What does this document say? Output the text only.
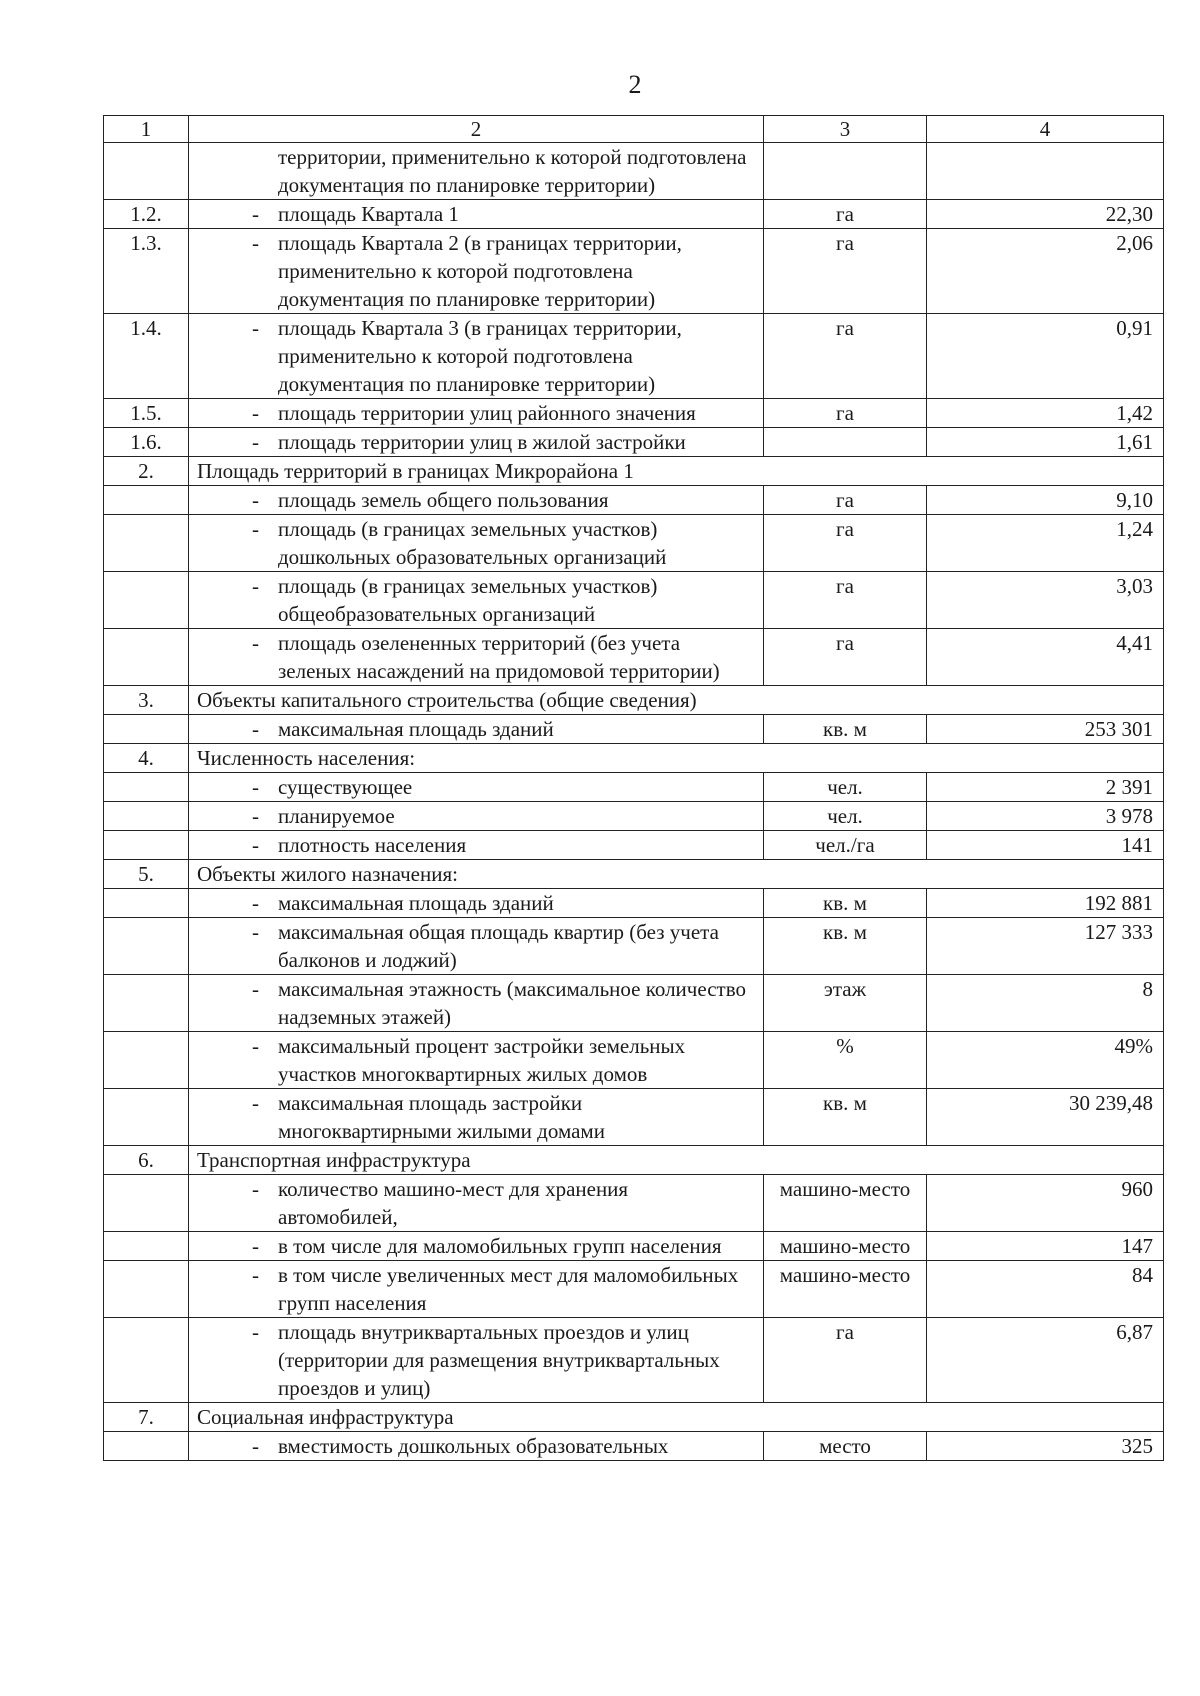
2
1	2	3	4

	территории, применительно к которой подготовлена документация по планировке территории)		

1.2.	- площадь Квартала 1	га	22,30
1.3.	- площадь Квартала 2 (в границах территории, применительно к которой подготовлена документация по планировке территории)	га	2,06
1.4.	- площадь Квартала 3 (в границах территории, применительно к которой подготовлена документация по планировке территории)	га	0,91
1.5.	- площадь территории улиц районного значения	га	1,42
1.6.	- площадь территории улиц в жилой застройки		1,61
2.	Площадь территорий в границах Микрорайона 1		

	- площадь земель общего пользования	га	9,10

	- площадь (в границах земельных участков) дошкольных образовательных организаций	га	1,24

	- площадь (в границах земельных участков) общеобразовательных организаций	га	3,03

	- площадь озелененных территорий (без учета зеленых насаждений на придомовой территории)	га	4,41
3.	Объекты капитального строительства (общие сведения)		

	- максимальная площадь зданий	кв. м	253 301
4.	Численность населения:		

	- существующее	чел.	2 391

	- планируемое	чел.	3 978

	- плотность населения	чел./га	141
5.	Объекты жилого назначения:		

	- максимальная площадь зданий	кв. м	192 881

	- максимальная общая площадь квартир (без учета балконов и лоджий)	кв. м	127 333

	- максимальная этажность (максимальное количество надземных этажей)	этаж	8

	- максимальный процент застройки земельных участков многоквартирных жилых домов	%	49%

	- максимальная площадь застройки многоквартирными жилыми домами	кв. м	30 239,48
6.	Транспортная инфраструктура		

	- количество машино-мест для хранения автомобилей,	машино-место	960

	- в том числе для маломобильных групп населения	машино-место	147

	- в том числе увеличенных мест для маломобильных групп населения	машино-место	84

	- площадь внутриквартальных проездов и улиц (территории для размещения внутриквартальных проездов и улиц)	га	6,87
7.	Социальная инфраструктура		

	- вместимость дошкольных образовательных	место	325
